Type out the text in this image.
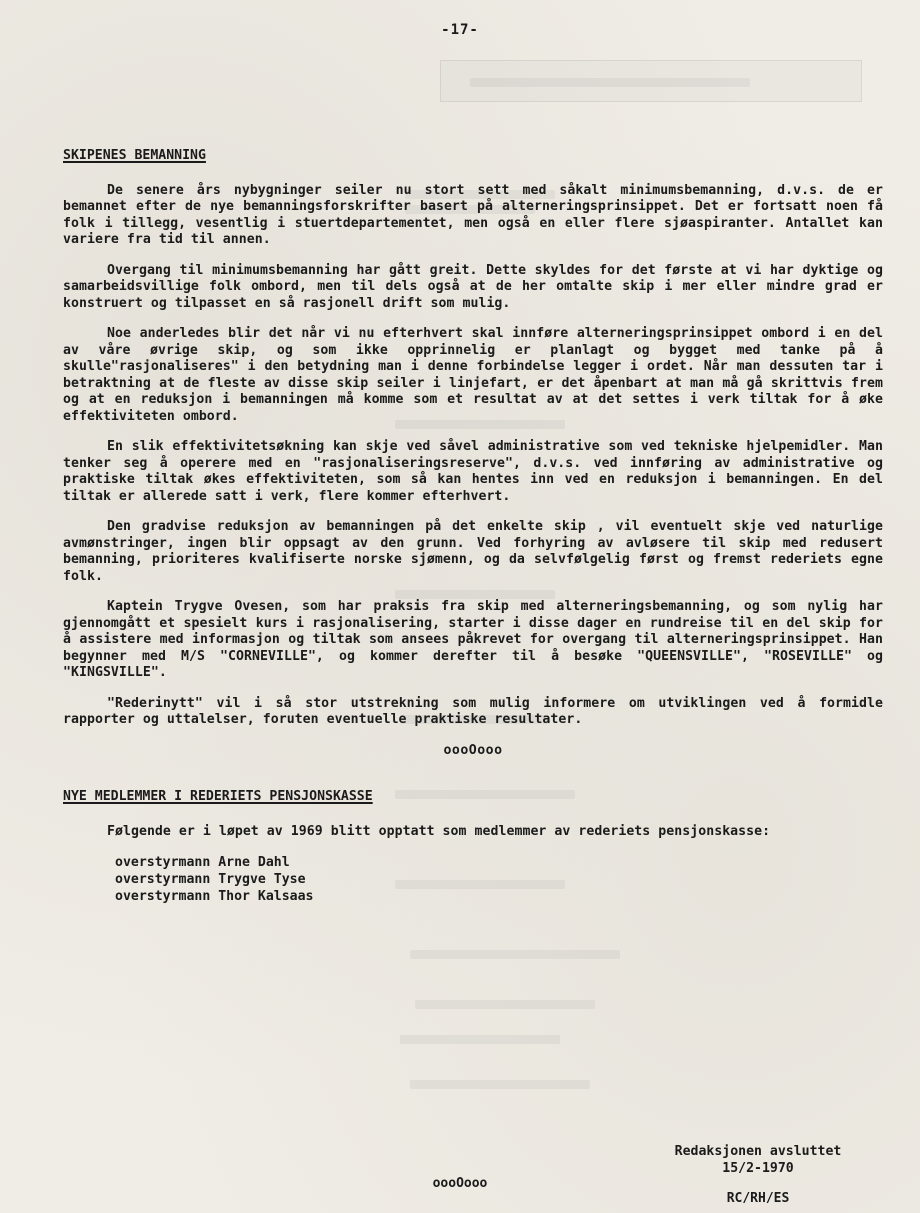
-17-
SKIPENES BEMANNING

De senere års nybygninger seiler nu stort sett med såkalt minimumsbemanning, d.v.s. de er bemannet efter de nye bemanningsforskrifter basert på alterneringsprinsippet. Det er fortsatt noen få folk i tillegg, vesentlig i stuertdepartementet, men også en eller flere sjøaspiranter. Antallet kan variere fra tid til annen.

Overgang til minimumsbemanning har gått greit. Dette skyldes for det første at vi har dyktige og samarbeidsvillige folk ombord, men til dels også at de her omtalte skip i mer eller mindre grad er konstruert og tilpasset en så rasjonell drift som mulig.

Noe anderledes blir det når vi nu efterhvert skal innføre alterneringsprinsippet ombord i en del av våre øvrige skip, og som ikke opprinnelig er planlagt og bygget med tanke på å skulle"rasjonaliseres" i den betydning man i denne forbindelse legger i ordet. Når man dessuten tar i betraktning at de fleste av disse skip seiler i linjefart, er det åpenbart at man må gå skrittvis frem og at en reduksjon i bemanningen må komme som et resultat av at det settes i verk tiltak for å øke effektiviteten ombord.

En slik effektivitetsøkning kan skje ved såvel administrative som ved tekniske hjelpemidler. Man tenker seg å operere med en "rasjonaliseringsreserve", d.v.s. ved innføring av administrative og praktiske tiltak økes effektiviteten, som så kan hentes inn ved en reduksjon i bemanningen. En del tiltak er allerede satt i verk, flere kommer efterhvert.

Den gradvise reduksjon av bemanningen på det enkelte skip , vil eventuelt skje ved naturlige avmønstringer, ingen blir oppsagt av den grunn. Ved forhyring av avløsere til skip med redusert bemanning, prioriteres kvalifiserte norske sjømenn, og da selvfølgelig først og fremst rederiets egne folk.

Kaptein Trygve Ovesen, som har praksis fra skip med alterneringsbemanning, og som nylig har gjennomgått et spesielt kurs i rasjonalisering, starter i disse dager en rundreise til en del skip for å assistere med informasjon og tiltak som ansees påkrevet for overgang til alterneringsprinsippet. Han begynner med M/S "CORNEVILLE", og kommer derefter til å besøke "QUEENSVILLE", "ROSEVILLE" og "KINGSVILLE".

"Rederinytt" vil i så stor utstrekning som mulig informere om utviklingen ved å formidle rapporter og uttalelser, foruten eventuelle praktiske resultater.

oooOooo
NYE MEDLEMMER I REDERIETS PENSJONSKASSE

Følgende er i løpet av 1969 blitt opptatt som medlemmer av rederiets pensjonskasse:

overstyrmann Arne Dahl
overstyrmann Trygve Tyse
overstyrmann Thor Kalsaas
oooOooo
Redaksjonen avsluttet
15/2-1970
RC/RH/ES
